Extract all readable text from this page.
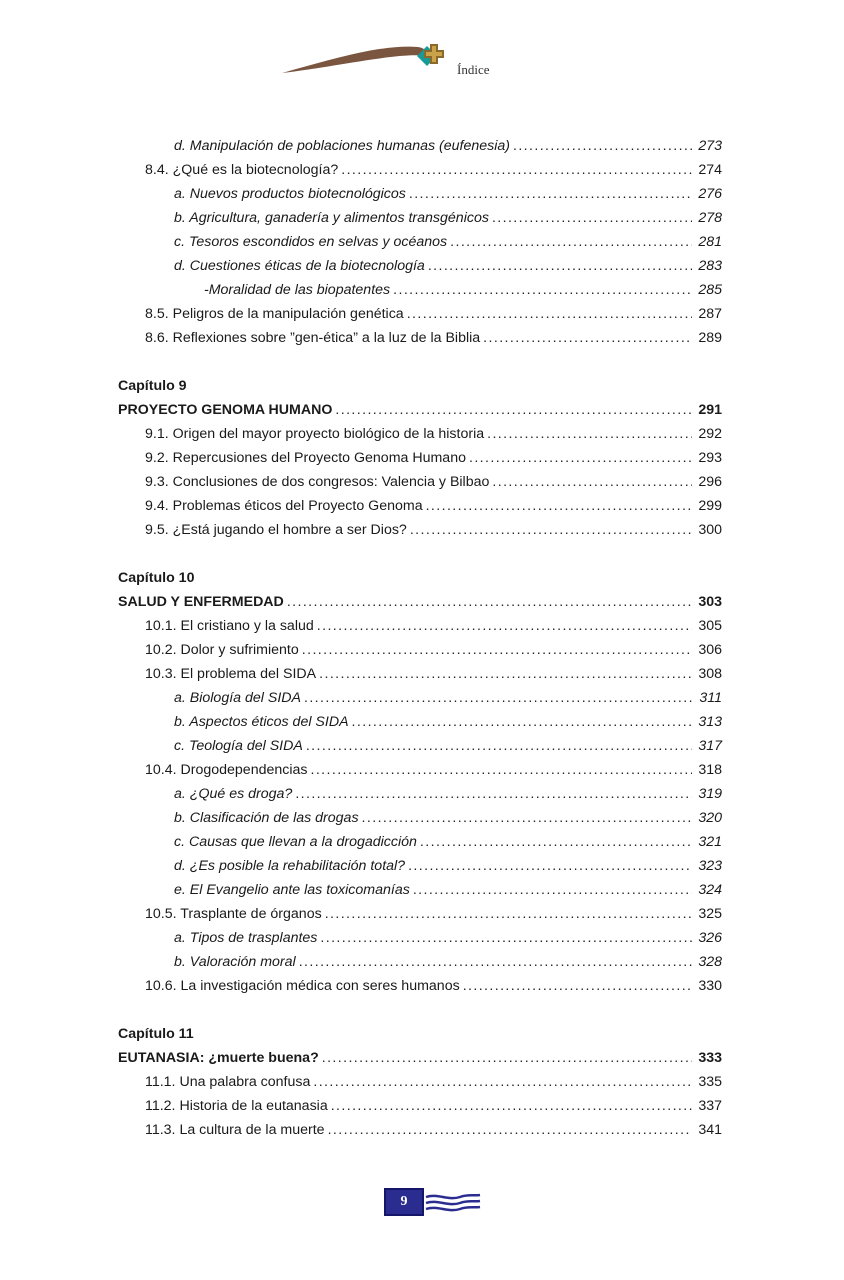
Índice
d. Manipulación de poblaciones humanas (eufenesia) .....	273
8.4. ¿Qué es la biotecnología? .....	274
a. Nuevos productos biotecnológicos .....	276
b. Agricultura, ganadería y alimentos transgénicos .....	278
c. Tesoros escondidos en selvas y océanos .....	281
d. Cuestiones éticas de la biotecnología .....	283
-Moralidad de las biopatentes .....	285
8.5. Peligros de la manipulación genética .....	287
8.6. Reflexiones sobre ”gen-ética” a la luz de la Biblia .....	289
Capítulo 9
PROYECTO GENOMA HUMANO .....	291
9.1. Origen del mayor proyecto biológico de la historia .....	292
9.2. Repercusiones del Proyecto Genoma Humano .....	293
9.3. Conclusiones de dos congresos: Valencia y Bilbao .....	296
9.4. Problemas éticos del Proyecto Genoma .....	299
9.5. ¿Está jugando el hombre a ser Dios? .....	300
Capítulo 10
SALUD Y ENFERMEDAD .....	303
10.1. El cristiano y la salud .....	305
10.2. Dolor y sufrimiento .....	306
10.3. El problema del SIDA .....	308
a. Biología del SIDA .....	311
b. Aspectos éticos del SIDA .....	313
c. Teología del SIDA .....	317
10.4. Drogodependencias .....	318
a. ¿Qué es droga? .....	319
b. Clasificación de las drogas .....	320
c. Causas que llevan a la drogadicción .....	321
d. ¿Es posible la rehabilitación total? .....	323
e. El Evangelio ante las toxicomanías .....	324
10.5. Trasplante de órganos .....	325
a. Tipos de trasplantes .....	326
b. Valoración moral .....	328
10.6. La investigación médica con seres humanos .....	330
Capítulo 11
EUTANASIA: ¿muerte buena? .....	333
11.1. Una palabra confusa .....	335
11.2. Historia de la eutanasia .....	337
11.3. La cultura de la muerte .....	341
9
